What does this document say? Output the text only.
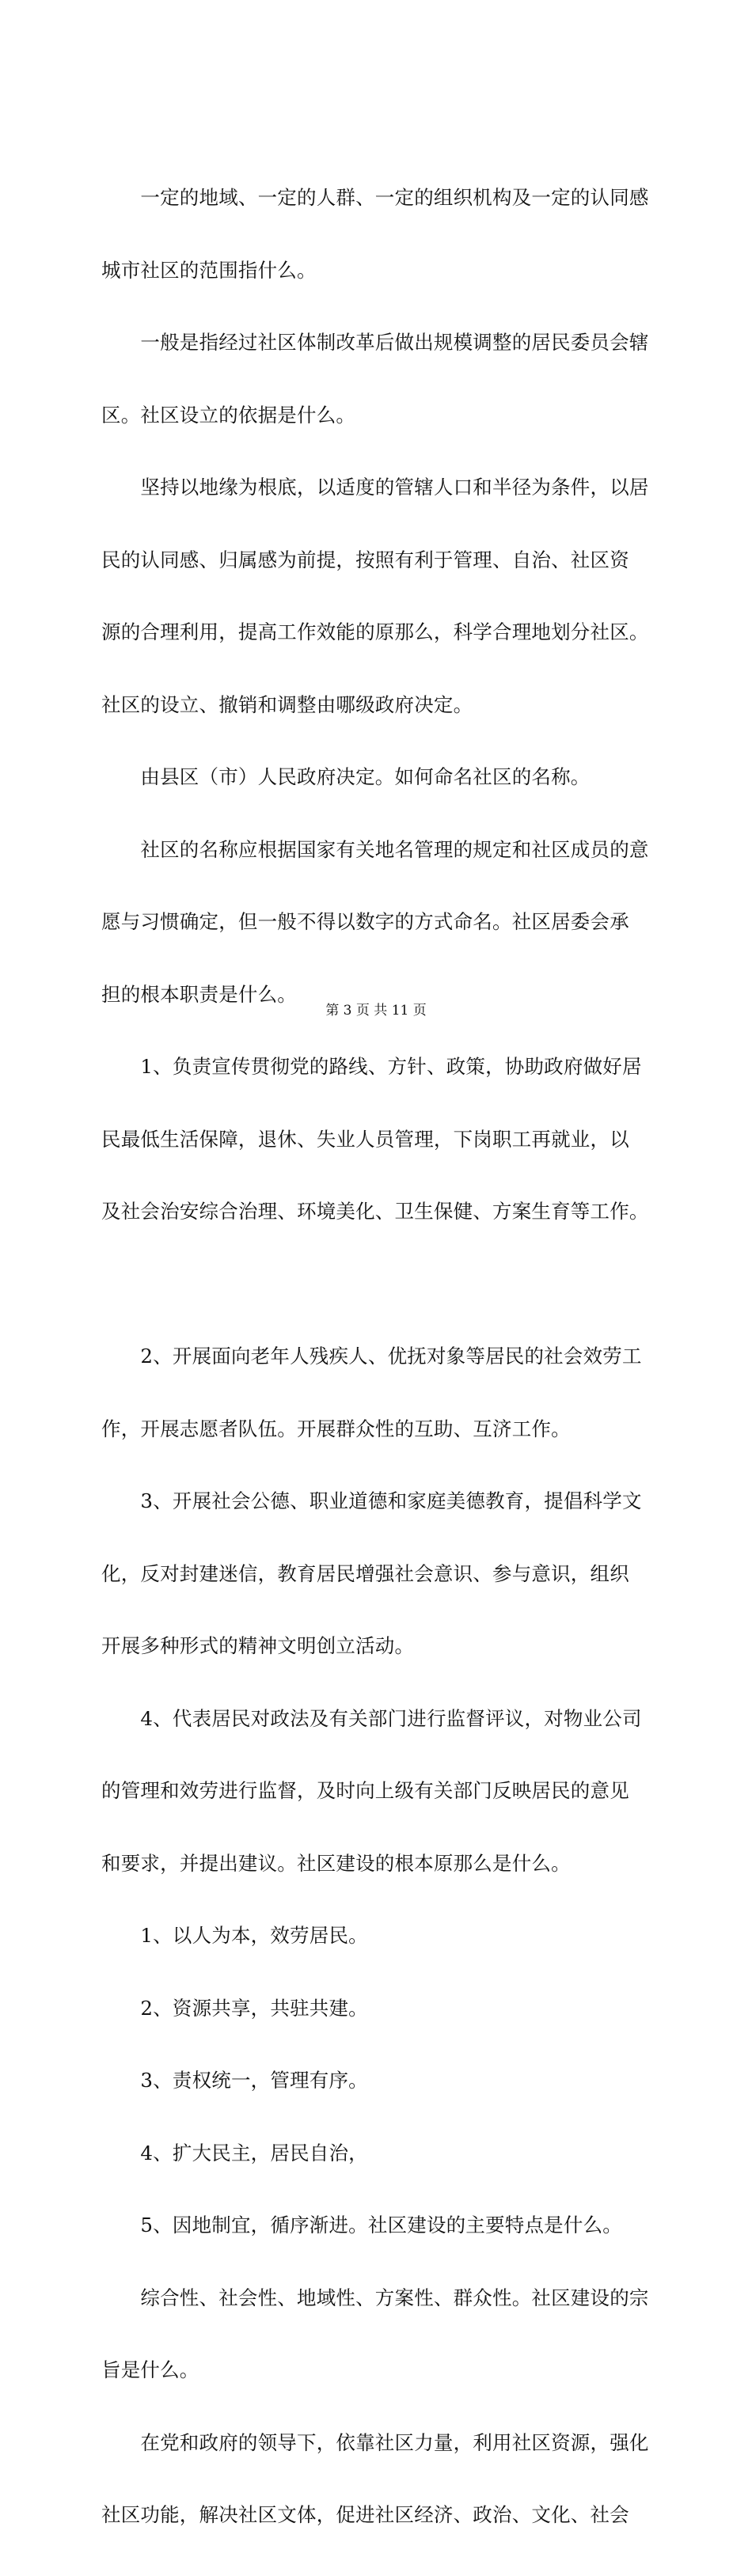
　　一定的地域、一定的人群、一定的组织机构及一定的认同感

城市社区的范围指什么。

　　一般是指经过社区体制改革后做出规模调整的居民委员会辖

区。社区设立的依据是什么。

　　坚持以地缘为根底，以适度的管辖人口和半径为条件，以居

民的认同感、归属感为前提，按照有利于管理、自治、社区资

源的合理利用，提高工作效能的原那么，科学合理地划分社区。

社区的设立、撤销和调整由哪级政府决定。

　　由县区（市）人民政府决定。如何命名社区的名称。

　　社区的名称应根据国家有关地名管理的规定和社区成员的意

愿与习惯确定，但一般不得以数字的方式命名。社区居委会承

担的根本职责是什么。

　　1、负责宣传贯彻党的路线、方针、政策，协助政府做好居

民最低生活保障，退休、失业人员管理，下岗职工再就业，以

及社会治安综合治理、环境美化、卫生保健、方案生育等工作。

　　2、开展面向老年人残疾人、优抚对象等居民的社会效劳工

作，开展志愿者队伍。开展群众性的互助、互济工作。

　　3、开展社会公德、职业道德和家庭美德教育，提倡科学文

化，反对封建迷信，教育居民增强社会意识、参与意识，组织

开展多种形式的精神文明创立活动。

　　4、代表居民对政法及有关部门进行监督评议，对物业公司

的管理和效劳进行监督，及时向上级有关部门反映居民的意见

和要求，并提出建议。社区建设的根本原那么是什么。

　　1、以人为本，效劳居民。

　　2、资源共享，共驻共建。

　　3、责权统一，管理有序。

　　4、扩大民主，居民自治，

　　5、因地制宜，循序渐进。社区建设的主要特点是什么。

　　综合性、社会性、地域性、方案性、群众性。社区建设的宗

旨是什么。

　　在党和政府的领导下，依靠社区力量，利用社区资源，强化

社区功能，解决社区文体，促进社区经济、政治、文化、社会

第 3 页 共 11 页
